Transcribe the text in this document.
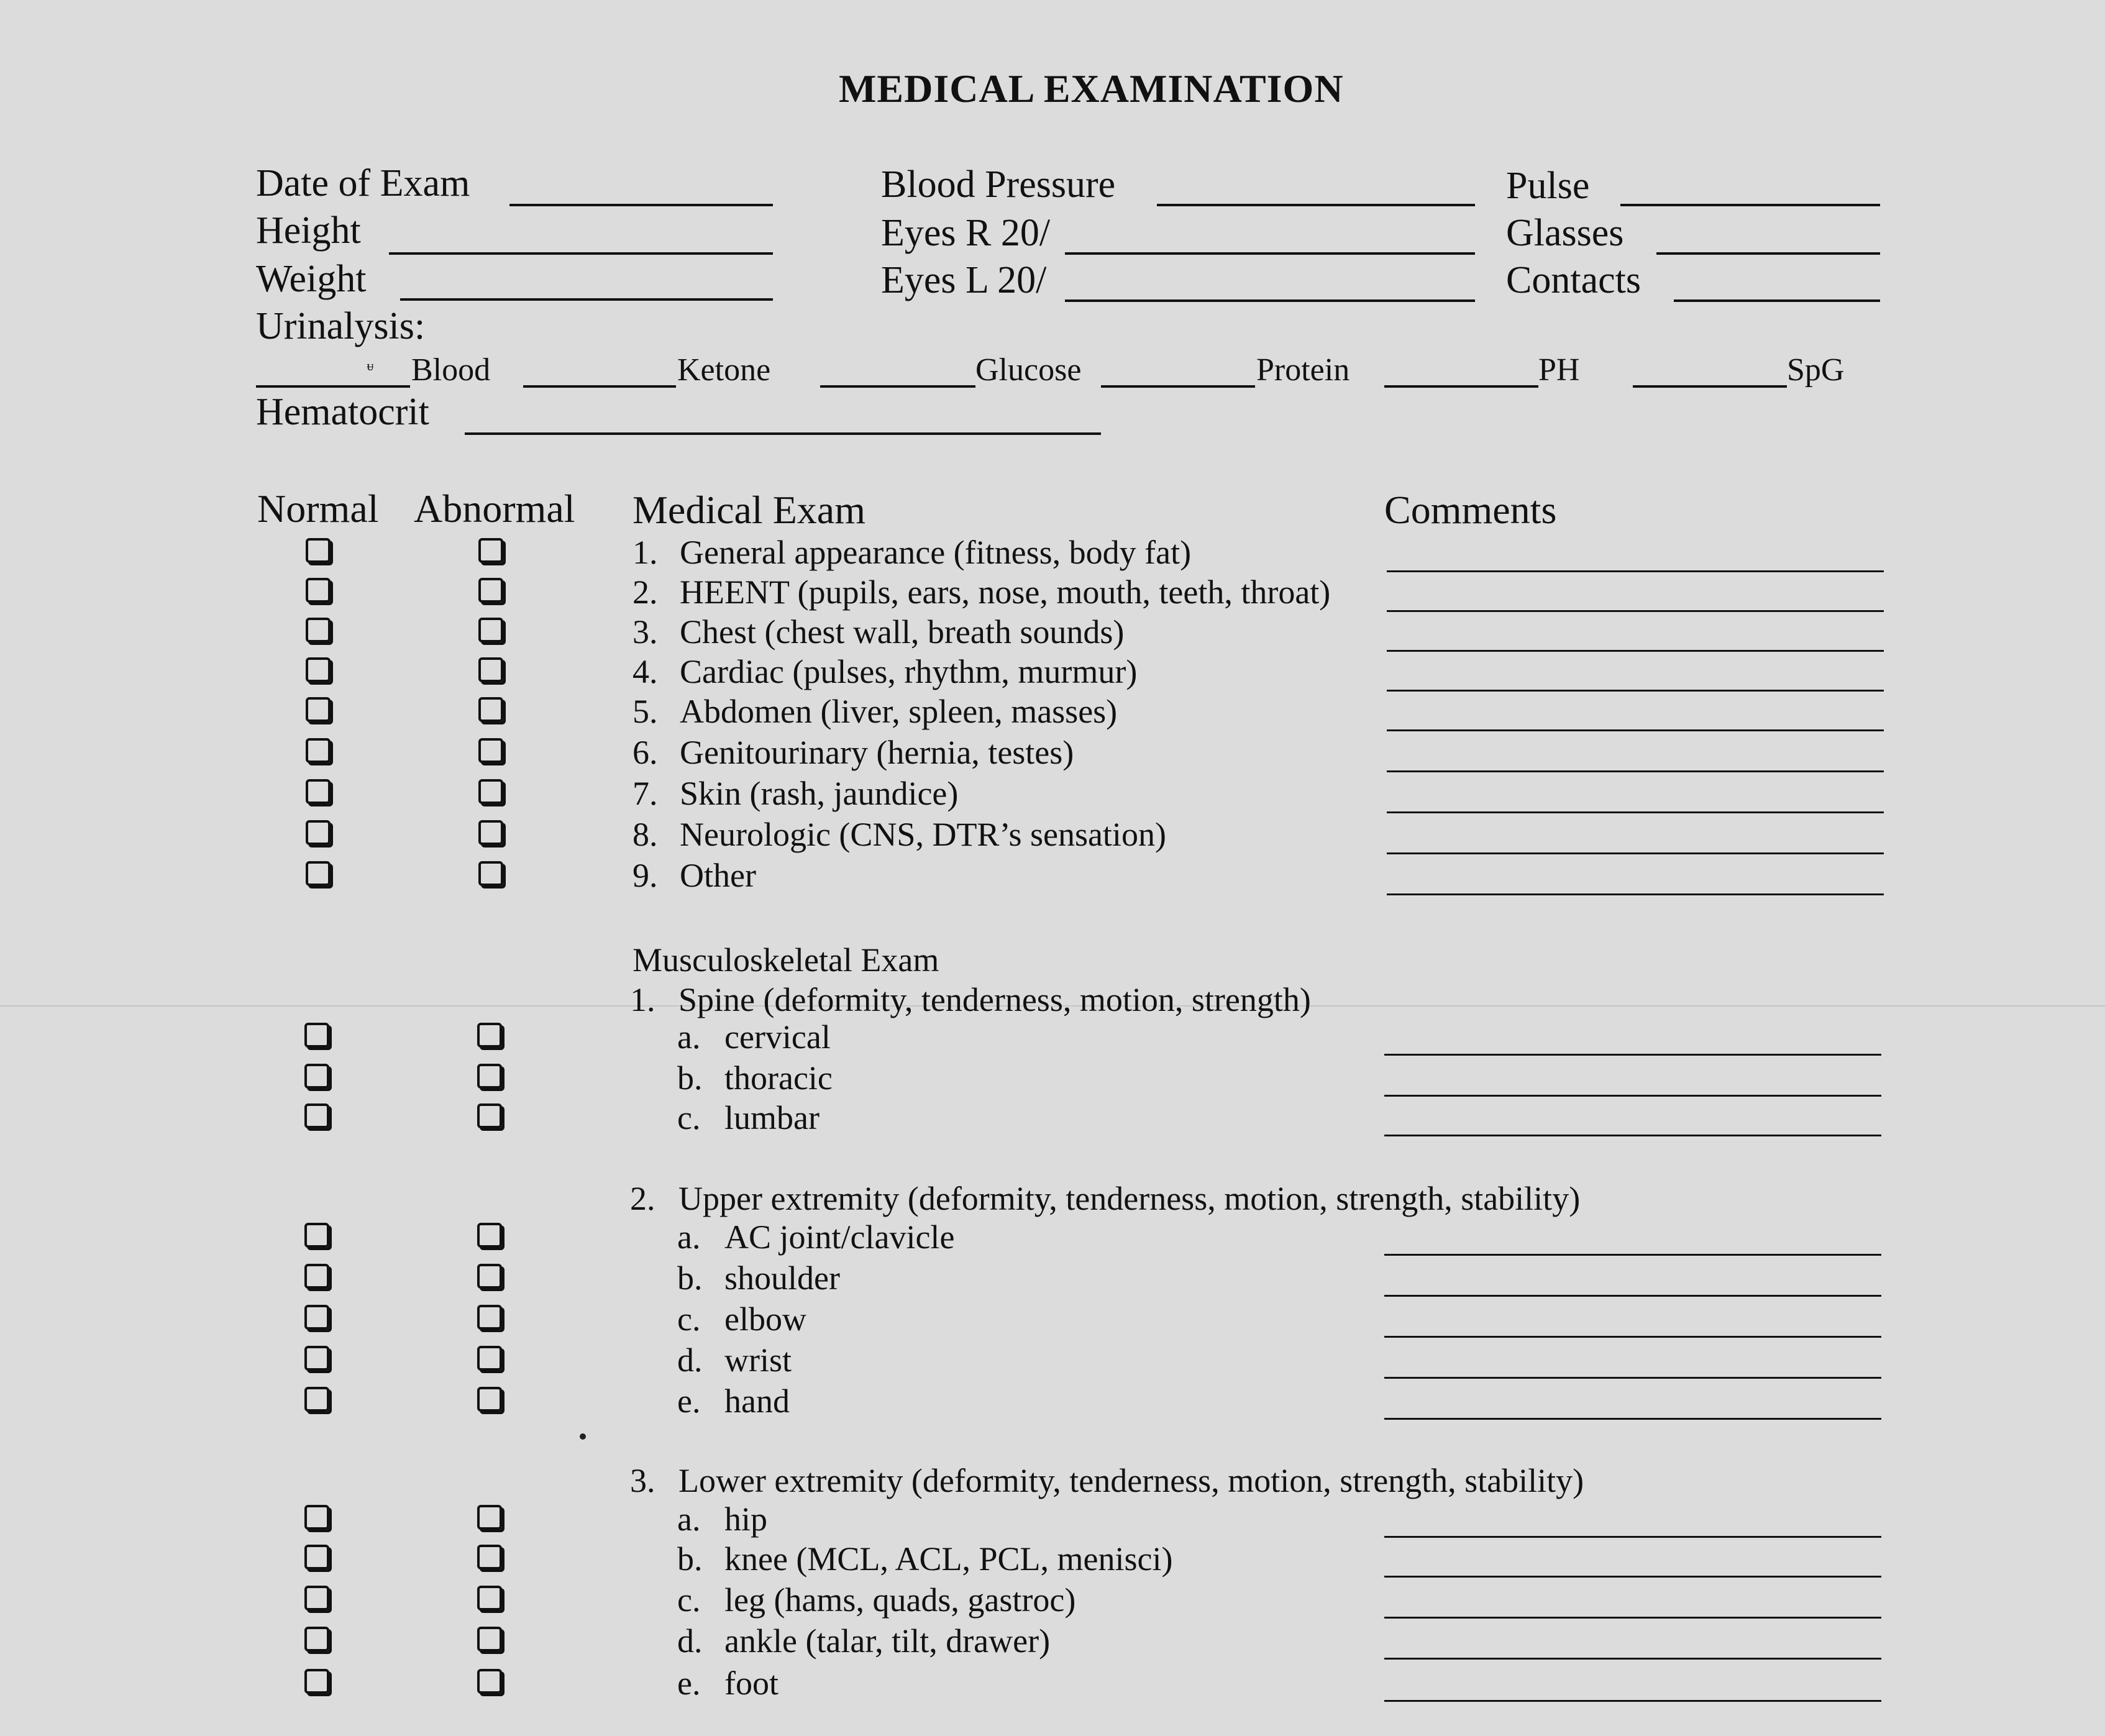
MEDICAL EXAMINATION
Date of Exam	Blood Pressure	Pulse
Height	Eyes R 20/	Glasses
Weight	Eyes L 20/	Contacts
Urinalysis:
ᵾ Blood	Ketone	Glucose	Protein	PH	SpG
Hematocrit
Normal Abnormal Medical Exam	Comments
1. General appearance (fitness, body fat)
2. HEENT (pupils, ears, nose, mouth, teeth, throat)
3. Chest (chest wall, breath sounds)
4. Cardiac (pulses, rhythm, murmur)
5. Abdomen (liver, spleen, masses)
6. Genitourinary (hernia, testes)
7. Skin (rash, jaundice)
8. Neurologic (CNS, DTR’s sensation)
9. Other
Musculoskeletal Exam
1. Spine (deformity, tenderness, motion, strength)
a. cervical
b. thoracic
c. lumbar
2. Upper extremity (deformity, tenderness, motion, strength, stability)
a. AC joint/clavicle
b. shoulder
c. elbow
d. wrist
e. hand
3. Lower extremity (deformity, tenderness, motion, strength, stability)
a. hip
b. knee (MCL, ACL, PCL, menisci)
c. leg (hams, quads, gastroc)
d. ankle (talar, tilt, drawer)
e. foot
